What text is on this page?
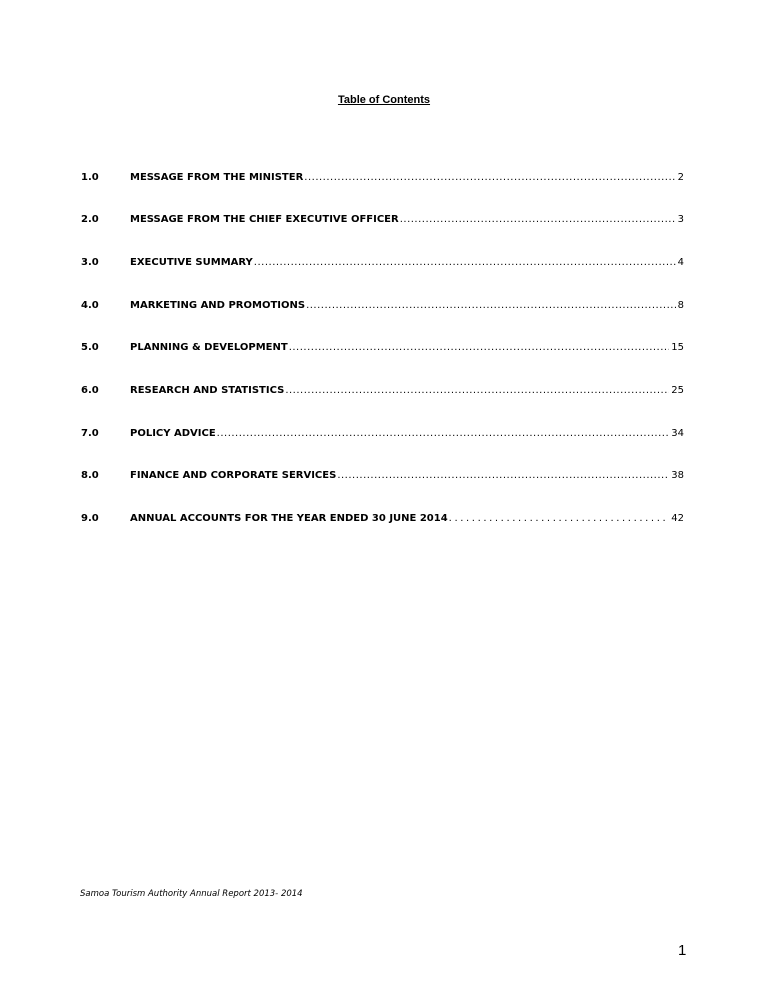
Table of Contents
1.0	MESSAGE FROM THE MINISTER .....	2
2.0	MESSAGE FROM THE CHIEF EXECUTIVE OFFICER .....	3
3.0	EXECUTIVE SUMMARY .....	4
4.0	MARKETING AND PROMOTIONS .....	8
5.0	PLANNING & DEVELOPMENT .....	15
6.0	RESEARCH AND STATISTICS .....	25
7.0	POLICY ADVICE .....	34
8.0	FINANCE AND CORPORATE SERVICES .....	38
9.0	ANNUAL ACCOUNTS FOR THE YEAR ENDED 30 JUNE 2014 .....	42
Samoa Tourism Authority Annual Report 2013- 2014
1
